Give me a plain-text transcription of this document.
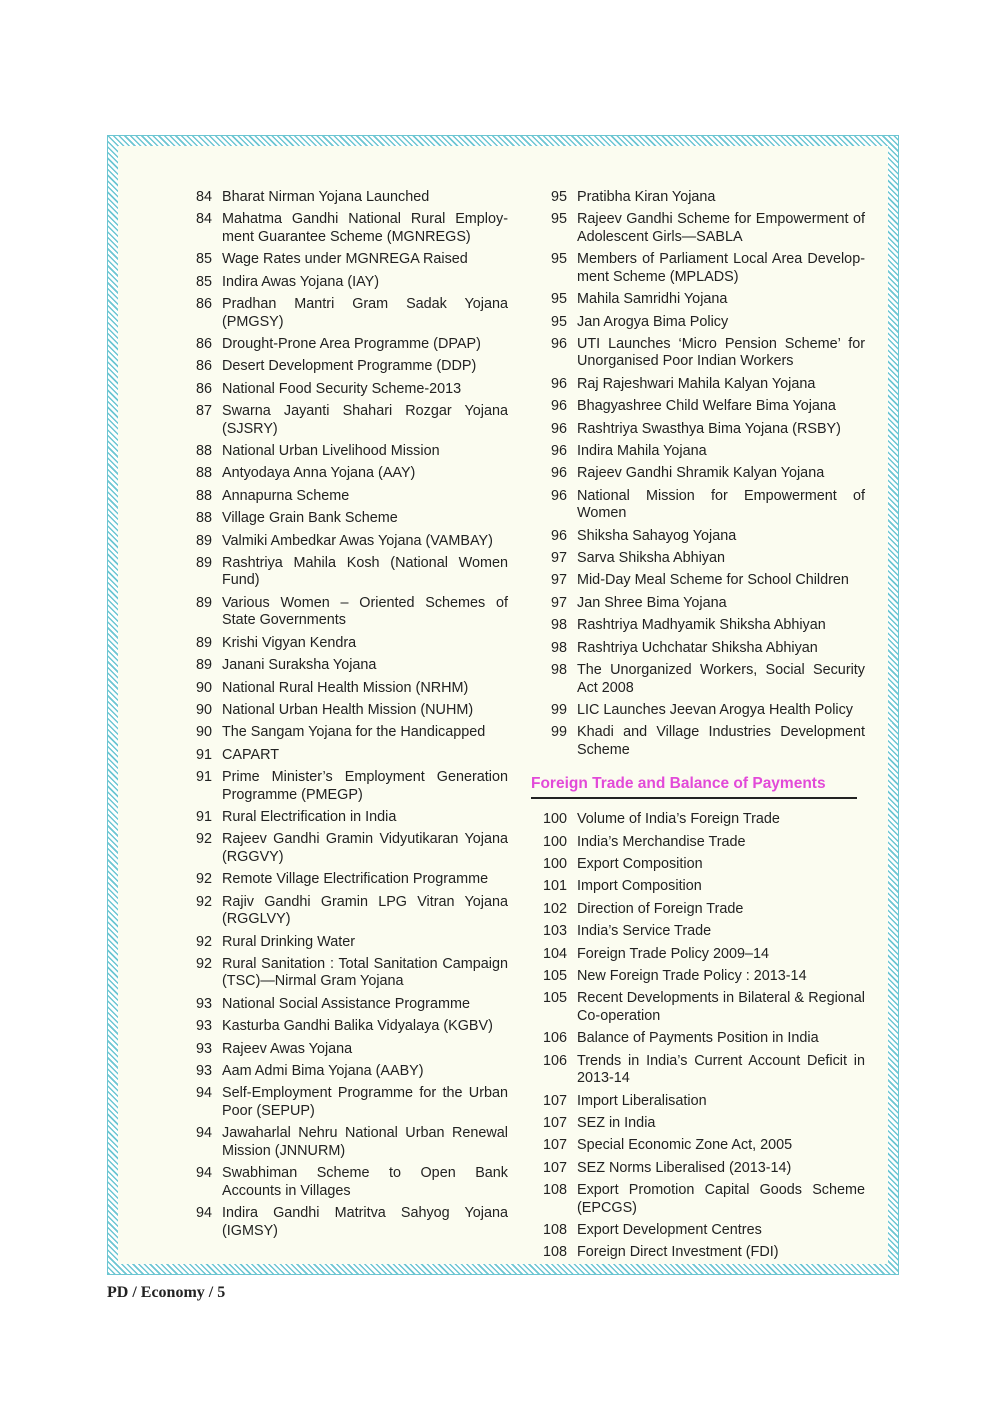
84 Bharat Nirman Yojana Launched
84 Mahatma Gandhi National Rural Employ-ment Guarantee Scheme (MGNREGS)
85 Wage Rates under MGNREGA Raised
85 Indira Awas Yojana (IAY)
86 Pradhan Mantri Gram Sadak Yojana (PMGSY)
86 Drought-Prone Area Programme (DPAP)
86 Desert Development Programme (DDP)
86 National Food Security Scheme-2013
87 Swarna Jayanti Shahari Rozgar Yojana (SJSRY)
88 National Urban Livelihood Mission
88 Antyodaya Anna Yojana (AAY)
88 Annapurna Scheme
88 Village Grain Bank Scheme
89 Valmiki Ambedkar Awas Yojana (VAMBAY)
89 Rashtriya Mahila Kosh (National Women Fund)
89 Various Women – Oriented Schemes of State Governments
89 Krishi Vigyan Kendra
89 Janani Suraksha Yojana
90 National Rural Health Mission (NRHM)
90 National Urban Health Mission (NUHM)
90 The Sangam Yojana for the Handicapped
91 CAPART
91 Prime Minister’s Employment Generation Programme (PMEGP)
91 Rural Electrification in India
92 Rajeev Gandhi Gramin Vidyutikaran Yojana (RGGVY)
92 Remote Village Electrification Programme
92 Rajiv Gandhi Gramin LPG Vitran Yojana (RGGLVY)
92 Rural Drinking Water
92 Rural Sanitation : Total Sanitation Campaign (TSC)—Nirmal Gram Yojana
93 National Social Assistance Programme
93 Kasturba Gandhi Balika Vidyalaya (KGBV)
93 Rajeev Awas Yojana
93 Aam Admi Bima Yojana (AABY)
94 Self-Employment Programme for the Urban Poor (SEPUP)
94 Jawaharlal Nehru National Urban Renewal Mission (JNNURM)
94 Swabhiman Scheme to Open Bank Accounts in Villages
94 Indira Gandhi Matritva Sahyog Yojana (IGMSY)
95 Pratibha Kiran Yojana
95 Rajeev Gandhi Scheme for Empowerment of Adolescent Girls—SABLA
95 Members of Parliament Local Area Develop-ment Scheme (MPLADS)
95 Mahila Samridhi Yojana
95 Jan Arogya Bima Policy
96 UTI Launches ‘Micro Pension Scheme’ for Unorganised Poor Indian Workers
96 Raj Rajeshwari Mahila Kalyan Yojana
96 Bhagyashree Child Welfare Bima Yojana
96 Rashtriya Swasthya Bima Yojana (RSBY)
96 Indira Mahila Yojana
96 Rajeev Gandhi Shramik Kalyan Yojana
96 National Mission for Empowerment of Women
96 Shiksha Sahayog Yojana
97 Sarva Shiksha Abhiyan
97 Mid-Day Meal Scheme for School Children
97 Jan Shree Bima Yojana
98 Rashtriya Madhyamik Shiksha Abhiyan
98 Rashtriya Uchchatar Shiksha Abhiyan
98 The Unorganized Workers, Social Security Act 2008
99 LIC Launches Jeevan Arogya Health Policy
99 Khadi and Village Industries Development Scheme
Foreign Trade and Balance of Payments
100 Volume of India’s Foreign Trade
100 India’s Merchandise Trade
100 Export Composition
101 Import Composition
102 Direction of Foreign Trade
103 India’s Service Trade
104 Foreign Trade Policy 2009–14
105 New Foreign Trade Policy : 2013-14
105 Recent Developments in Bilateral & Regional Co-operation
106 Balance of Payments Position in India
106 Trends in India’s Current Account Deficit in 2013-14
107 Import Liberalisation
107 SEZ in India
107 Special Economic Zone Act, 2005
107 SEZ Norms Liberalised (2013-14)
108 Export Promotion Capital Goods Scheme (EPCGS)
108 Export Development Centres
108 Foreign Direct Investment (FDI)
PD / Economy / 5
